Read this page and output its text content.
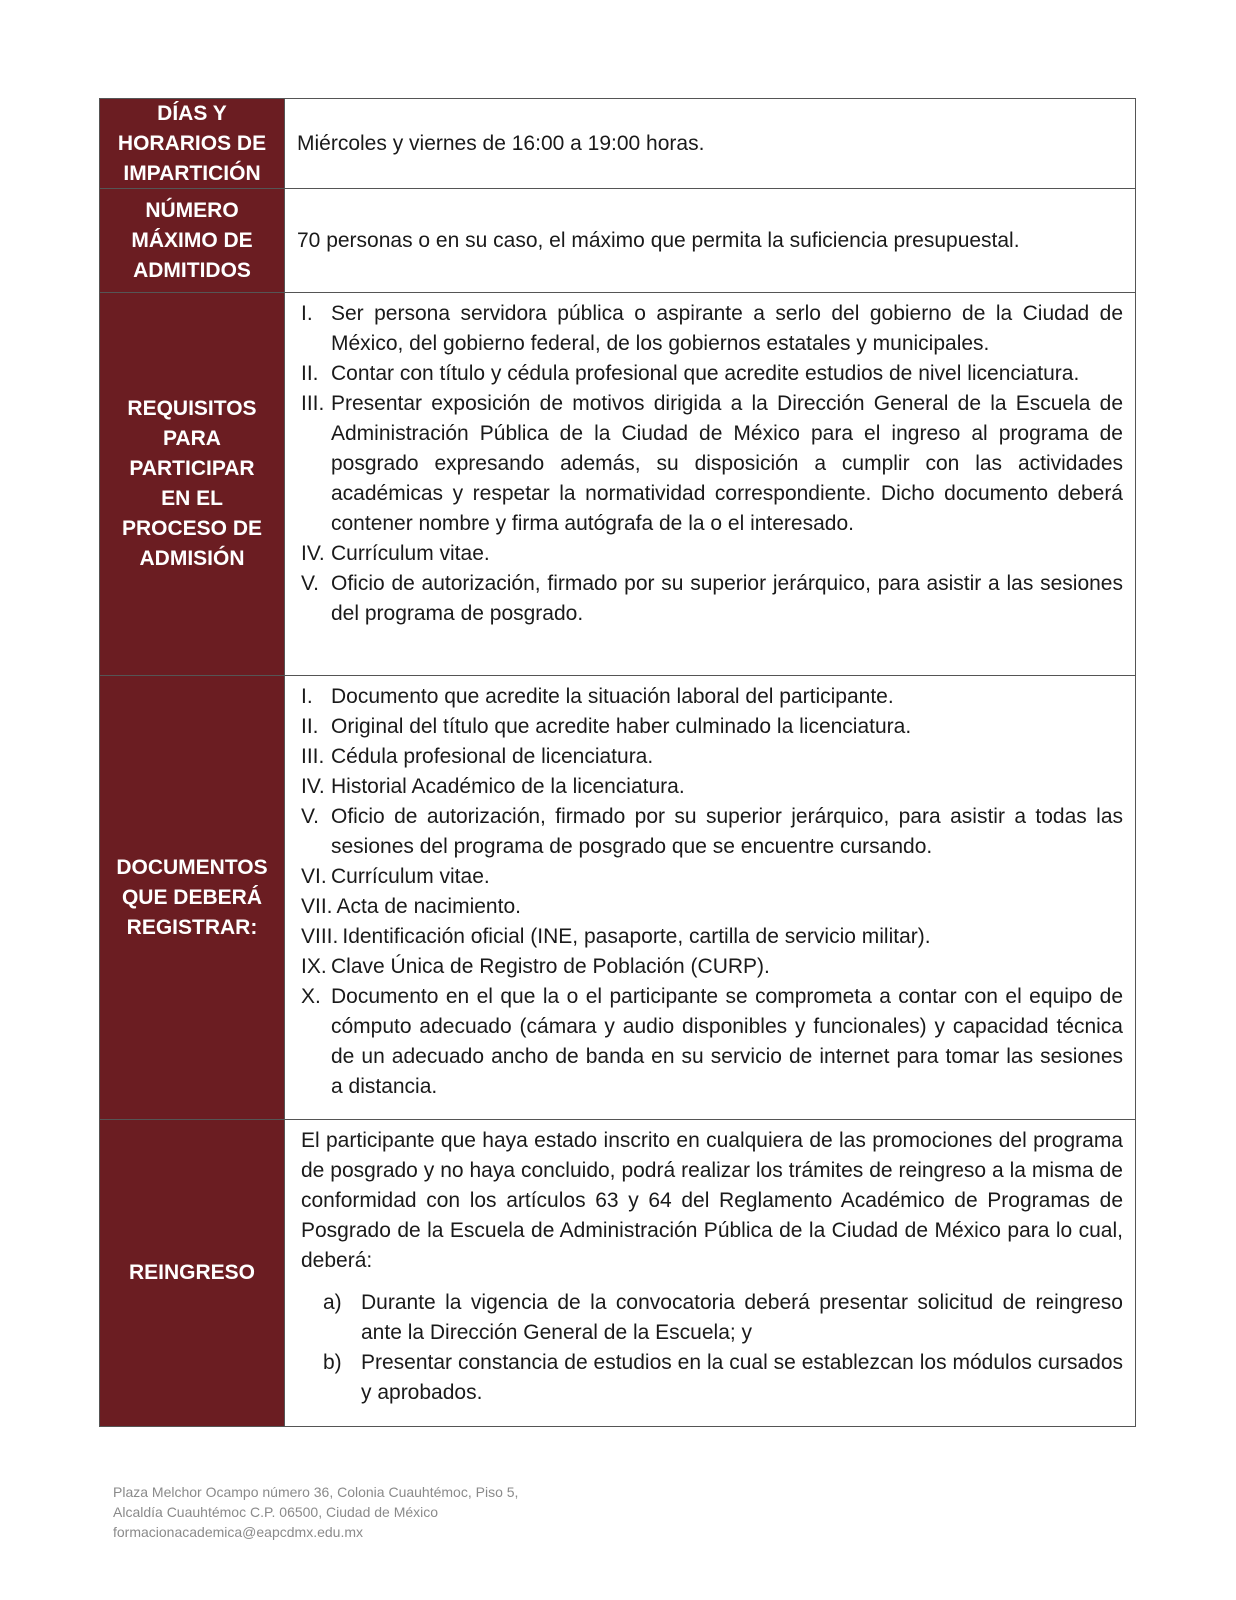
DÍAS Y
HORARIOS DE
IMPARTICIÓN
Miércoles y viernes de 16:00 a 19:00 horas.
NÚMERO
MÁXIMO DE
ADMITIDOS
70 personas o en su caso, el máximo que permita la suficiencia presupuestal.
REQUISITOS
PARA
PARTICIPAR
EN EL
PROCESO DE
ADMISIÓN
I. Ser persona servidora pública o aspirante a serlo del gobierno de la Ciudad de México, del gobierno federal, de los gobiernos estatales y municipales.
II. Contar con título y cédula profesional que acredite estudios de nivel licenciatura.
III. Presentar exposición de motivos dirigida a la Dirección General de la Escuela de Administración Pública de la Ciudad de México para el ingreso al programa de posgrado expresando además, su disposición a cumplir con las actividades académicas y respetar la normatividad correspondiente. Dicho documento deberá contener nombre y firma autógrafa de la o el interesado.
IV. Currículum vitae.
V. Oficio de autorización, firmado por su superior jerárquico, para asistir a las sesiones del programa de posgrado.
DOCUMENTOS
QUE DEBERÁ
REGISTRAR:
I. Documento que acredite la situación laboral del participante.
II. Original del título que acredite haber culminado la licenciatura.
III. Cédula profesional de licenciatura.
IV. Historial Académico de la licenciatura.
V. Oficio de autorización, firmado por su superior jerárquico, para asistir a todas las sesiones del programa de posgrado que se encuentre cursando.
VI. Currículum vitae.
VII. Acta de nacimiento.
VIII. Identificación oficial (INE, pasaporte, cartilla de servicio militar).
IX. Clave Única de Registro de Población (CURP).
X. Documento en el que la o el participante se comprometa a contar con el equipo de cómputo adecuado (cámara y audio disponibles y funcionales) y capacidad técnica de un adecuado ancho de banda en su servicio de internet para tomar las sesiones a distancia.
REINGRESO

El participante que haya estado inscrito en cualquiera de las promociones del programa de posgrado y no haya concluido, podrá realizar los trámites de reingreso a la misma de conformidad con los artículos 63 y 64 del Reglamento Académico de Programas de Posgrado de la Escuela de Administración Pública de la Ciudad de México para lo cual, deberá:

a) Durante la vigencia de la convocatoria deberá presentar solicitud de reingreso ante la Dirección General de la Escuela; y
b) Presentar constancia de estudios en la cual se establezcan los módulos cursados y aprobados.
Plaza Melchor Ocampo número 36, Colonia Cuauhtémoc, Piso 5,
Alcaldía Cuauhtémoc C.P. 06500, Ciudad de México
formacionacademica@eapcdmx.edu.mx
